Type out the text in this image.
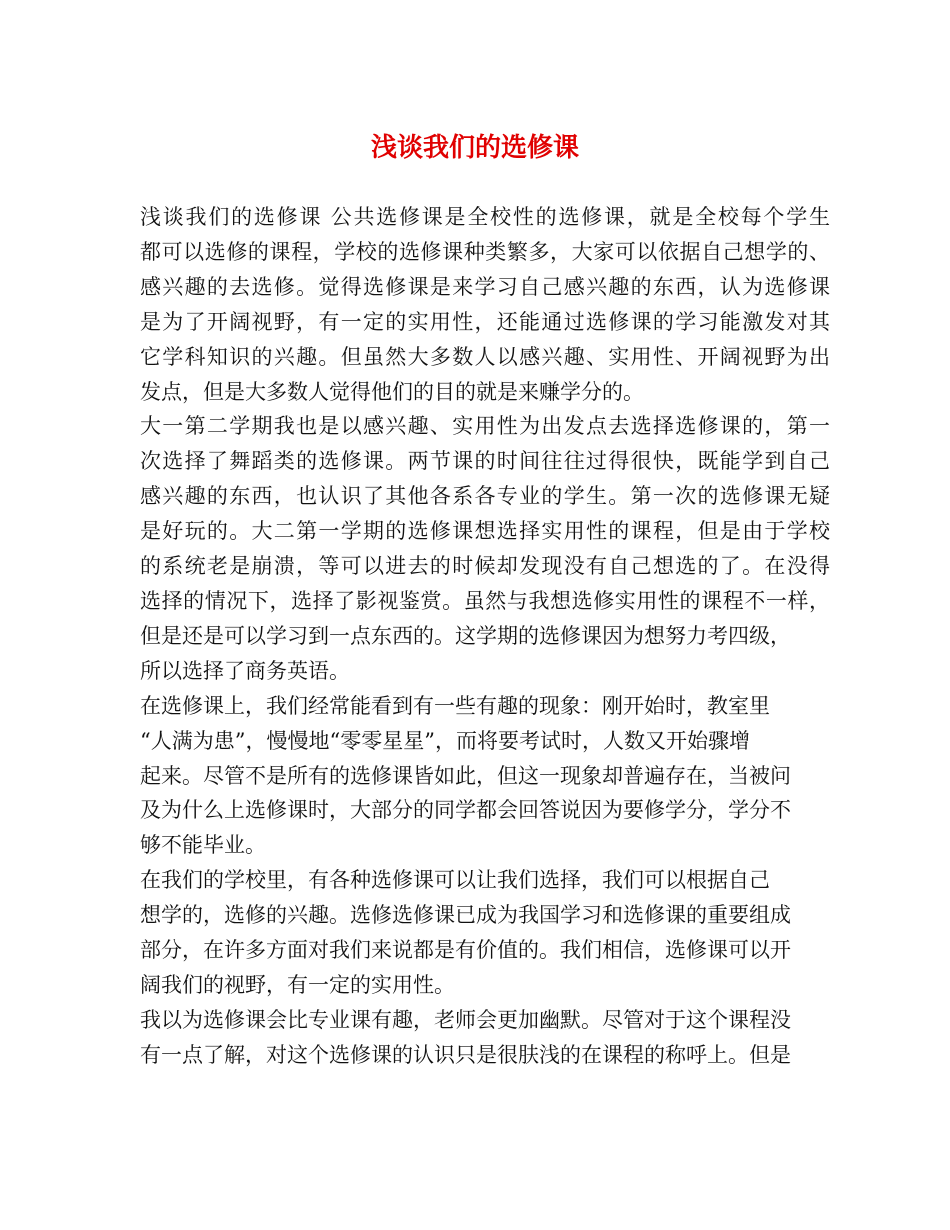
浅谈我们的选修课
浅谈我们的选修课 公共选修课是全校性的选修课，就是全校每个学生
都可以选修的课程，学校的选修课种类繁多，大家可以依据自己想学的、
感兴趣的去选修。觉得选修课是来学习自己感兴趣的东西，认为选修课
是为了开阔视野，有一定的实用性，还能通过选修课的学习能激发对其
它学科知识的兴趣。但虽然大多数人以感兴趣、实用性、开阔视野为出
发点，但是大多数人觉得他们的目的就是来赚学分的。
大一第二学期我也是以感兴趣、实用性为出发点去选择选修课的，第一
次选择了舞蹈类的选修课。两节课的时间往往过得很快，既能学到自己
感兴趣的东西，也认识了其他各系各专业的学生。第一次的选修课无疑
是好玩的。大二第一学期的选修课想选择实用性的课程，但是由于学校
的系统老是崩溃，等可以进去的时候却发现没有自己想选的了。在没得
选择的情况下，选择了影视鉴赏。虽然与我想选修实用性的课程不一样，
但是还是可以学习到一点东西的。这学期的选修课因为想努力考四级，
所以选择了商务英语。
在选修课上，我们经常能看到有一些有趣的现象：刚开始时，教室里
“人满为患”，慢慢地“零零星星”，而将要考试时，人数又开始骤增
起来。尽管不是所有的选修课皆如此，但这一现象却普遍存在，当被问
及为什么上选修课时，大部分的同学都会回答说因为要修学分，学分不
够不能毕业。
在我们的学校里，有各种选修课可以让我们选择，我们可以根据自己
想学的，选修的兴趣。选修选修课已成为我国学习和选修课的重要组成
部分，在许多方面对我们来说都是有价值的。我们相信，选修课可以开
阔我们的视野，有一定的实用性。
我以为选修课会比专业课有趣，老师会更加幽默。尽管对于这个课程没
有一点了解，对这个选修课的认识只是很肤浅的在课程的称呼上。但是
